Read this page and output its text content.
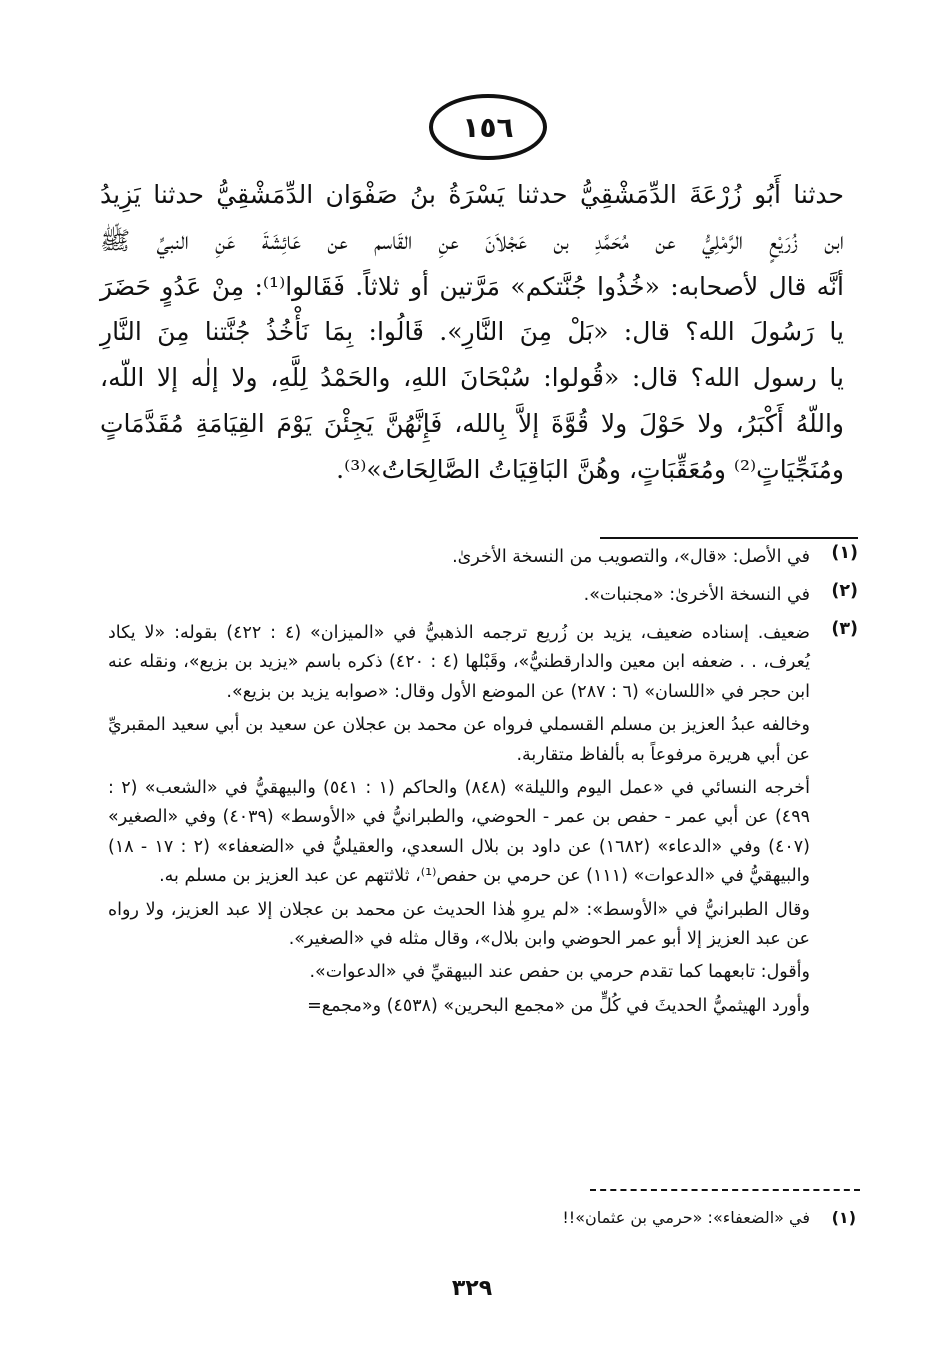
١٥٦
حدثنا أَبُو زُرْعَةَ الدِّمَشْقِيُّ حدثنا يَسْرَةُ بنُ صَفْوَان الدِّمَشْقِيُّ حدثنا يَزِيدُ
ابن زُرَيْعٍ الرَّمْلِيُّ عن مُحَمَّدِ بن عَجْلاَنَ عنِ القَاسم عن عَائِشَةَ عَنِ النبيِّ ﷺ
أنَّه قال لأصحابه: «خُذُوا جُنَّتكم» مَرَّتين أو ثلاثاً. فَقَالوا⁽¹⁾: مِنْ عَدُوٍ حَضَرَ
يا رَسُولَ الله؟ قال: «بَلْ مِنَ النَّارِ». قَالُوا: بِمَا نَأْخُذُ جُنَّتنا مِنَ النَّارِ
يا رسول الله؟ قال: «قُولوا: سُبْحَانَ اللهِ، والحَمْدُ لِلَّهِ، ولا إلٰه إلا اللّه،
واللّهُ أَكْبَرُ، ولا حَوْلَ ولا قُوَّةَ إلاَّ بِالله، فَإِنَّهُنَّ يَجِئْنَ يَوْمَ القِيَامَةِ مُقَدَّمَاتٍ
ومُنَجِّيَاتٍ⁽²⁾ ومُعَقِّبَاتٍ، وهُنَّ البَاقِيَاتُ الصَّالِحَاتُ»⁽³⁾.
(١)

في الأصل: «قال»، والتصويب من النسخة الأخرىٰ.

(٢)

في النسخة الأخرىٰ: «مجنبات».

(٣)

ضعيف. إسناده ضعيف، يزيد بن زُريع ترجمه الذهبيُّ في «الميزان» (٤ : ٤٢٢) بقوله: «لا يكاد يُعرف، . . ضعفه ابن معين والدارقطنيُّ»، وقَبْلها (٤ : ٤٢٠) ذكره باسم «يزيد بن بزيع»، ونقله عنه ابن حجر في «اللسان» (٦ : ٢٨٧) عن الموضع الأول وقال: «صوابه يزيد بن بزيع».

وخالفه عبدُ العزيز بن مسلم القسملي فرواه عن محمد بن عجلان عن سعيد بن أبي سعيد المقبريِّ عن أبي هريرة مرفوعاً به بألفاظ متقاربة.

أخرجه النسائي في «عمل اليوم والليلة» (٨٤٨) والحاكم (١ : ٥٤١) والبيهقيُّ في «الشعب» (٢ : ٤٩٩) عن أبي عمر - حفص بن عمر - الحوضي، والطبرانيُّ في «الأوسط» (٤٠٣٩) وفي «الصغير» (٤٠٧) وفي «الدعاء» (١٦٨٢) عن داود بن بلال السعدي، والعقيليُّ في «الضعفاء» (٢ : ١٧ - ١٨) والبيهقيُّ في «الدعوات» (١١١) عن حرمي بن حفص⁽¹⁾، ثلاثتهم عن عبد العزيز بن مسلم به.

وقال الطبرانيُّ في «الأوسط»: «لم يروِ هٰذا الحديث عن محمد بن عجلان إلا عبد العزيز، ولا رواه عن عبد العزيز إلا أبو عمر الحوضي وابن بلال»، وقال مثله في «الصغير».

وأقول: تابعهما كما تقدم حرمي بن حفص عند البيهقيِّ في «الدعوات».

وأورد الهيثميُّ الحديثَ في كُلٍّ من «مجمع البحرين» (٤٥٣٨) و«مجمع=

(١)
في «الضعفاء»: «حرمي بن عثمان»!!
٣٢٩
